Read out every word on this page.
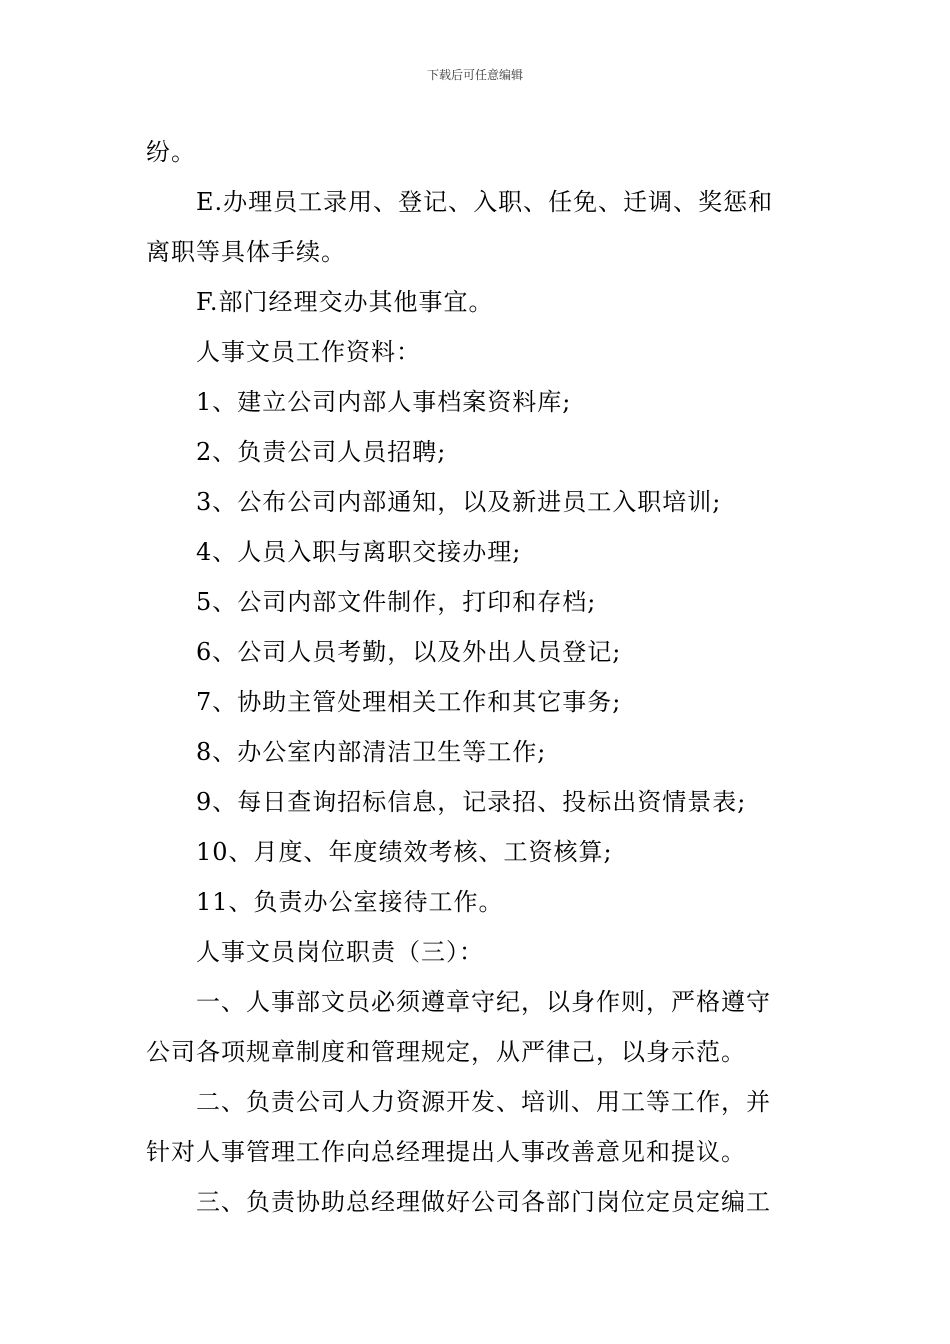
下载后可任意编辑
纷。
E.办理员工录用、登记、入职、任免、迁调、奖惩和
离职等具体手续。
F.部门经理交办其他事宜。
人事文员工作资料：
1、建立公司内部人事档案资料库;
2、负责公司人员招聘;
3、公布公司内部通知，以及新进员工入职培训;
4、人员入职与离职交接办理;
5、公司内部文件制作，打印和存档;
6、公司人员考勤，以及外出人员登记;
7、协助主管处理相关工作和其它事务;
8、办公室内部清洁卫生等工作;
9、每日查询招标信息，记录招、投标出资情景表;
10、月度、年度绩效考核、工资核算;
11、负责办公室接待工作。
人事文员岗位职责（三）：
一、人事部文员必须遵章守纪，以身作则，严格遵守
公司各项规章制度和管理规定，从严律己，以身示范。
二、负责公司人力资源开发、培训、用工等工作，并
针对人事管理工作向总经理提出人事改善意见和提议。
三、负责协助总经理做好公司各部门岗位定员定编工
